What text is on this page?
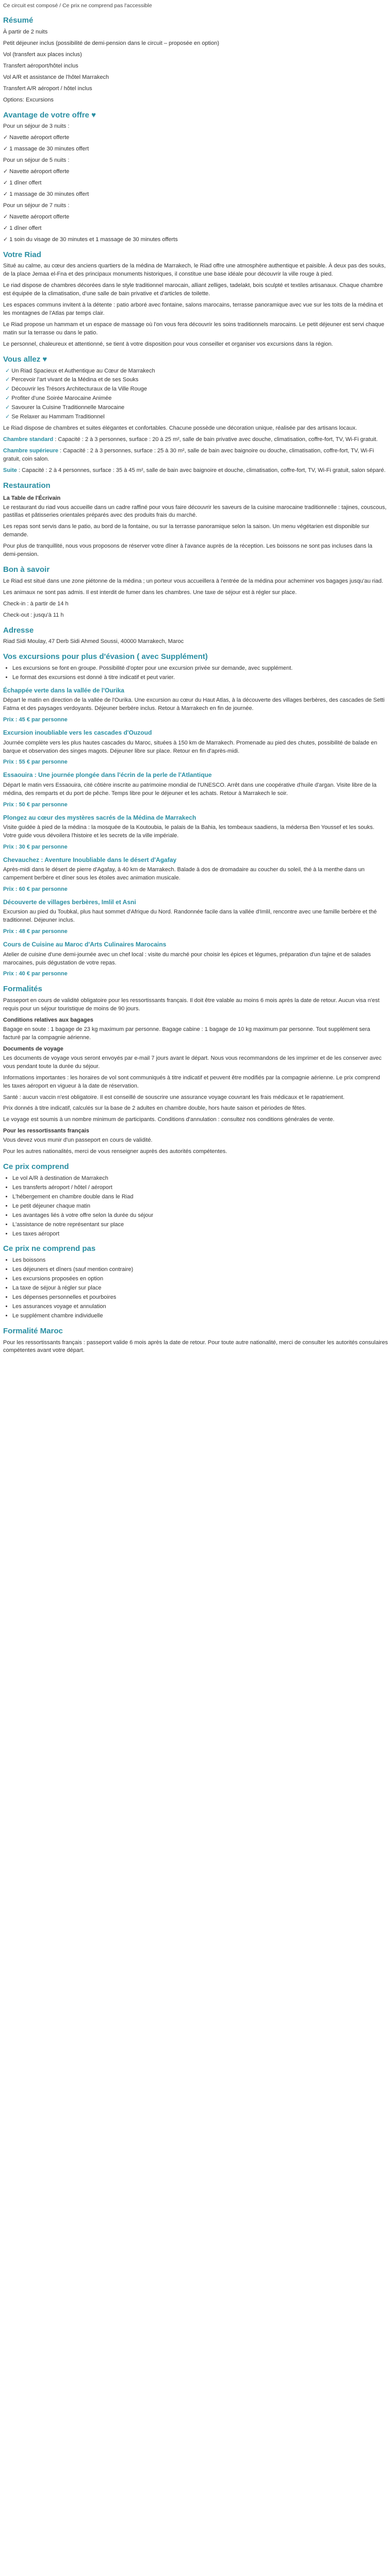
Ce circuit est composé / Ce prix ne comprend pas l'accessible

Résumé

À partir de 2 nuits

Petit déjeuner inclus (possibilité de demi-pension dans le circuit – proposée en option)

Vol (transfert aux places inclus)

Transfert aéroport/hôtel inclus

Vol A/R et assistance de l'hôtel Marrakech

Transfert A/R aéroport / hôtel inclus

Options: Excursions

Avantage de votre offre ♥

Pour un séjour de 3 nuits :

✓ Navette aéroport offerte

✓ 1 massage de 30 minutes offert

Pour un séjour de 5 nuits :

✓ Navette aéroport offerte

✓ 1 dîner offert

✓ 1 massage de 30 minutes offert

Pour un séjour de 7 nuits :

✓ Navette aéroport offerte

✓ 1 dîner offert

✓ 1 soin du visage de 30 minutes et 1 massage de 30 minutes offerts

Votre Riad

Situé au calme, au cœur des anciens quartiers de la médina de Marrakech, le Riad offre une atmosphère authentique et paisible. À deux pas des souks, de la place Jemaa el-Fna et des principaux monuments historiques, il constitue une base idéale pour découvrir la ville rouge à pied.

Le riad dispose de chambres décorées dans le style traditionnel marocain, alliant zelliges, tadelakt, bois sculpté et textiles artisanaux. Chaque chambre est équipée de la climatisation, d'une salle de bain privative et d'articles de toilette.

Les espaces communs invitent à la détente : patio arboré avec fontaine, salons marocains, terrasse panoramique avec vue sur les toits de la médina et les montagnes de l'Atlas par temps clair.

Le Riad propose un hammam et un espace de massage où l'on vous fera découvrir les soins traditionnels marocains. Le petit déjeuner est servi chaque matin sur la terrasse ou dans le patio.

Le personnel, chaleureux et attentionné, se tient à votre disposition pour vous conseiller et organiser vos excursions dans la région.

Vous allez ♥
✓ Un Riad Spacieux et Authentique au Cœur de Marrakech
✓ Percevoir l'art vivant de la Médina et de ses Souks
✓ Découvrir les Trésors Architecturaux de la Ville Rouge
✓ Profiter d'une Soirée Marocaine Animée
✓ Savourer la Cuisine Traditionnelle Marocaine
✓ Se Relaxer au Hammam Traditionnel

Le Riad dispose de chambres et suites élégantes et confortables. Chacune possède une décoration unique, réalisée par des artisans locaux.

Chambre standard : Capacité : 2 à 3 personnes, surface : 20 à 25 m², salle de bain privative avec douche, climatisation, coffre-fort, TV, Wi-Fi gratuit.

Chambre supérieure : Capacité : 2 à 3 personnes, surface : 25 à 30 m², salle de bain avec baignoire ou douche, climatisation, coffre-fort, TV, Wi-Fi gratuit, coin salon.

Suite : Capacité : 2 à 4 personnes, surface : 35 à 45 m², salle de bain avec baignoire et douche, climatisation, coffre-fort, TV, Wi-Fi gratuit, salon séparé.

Restauration
La Table de l'Écrivain

Le restaurant du riad vous accueille dans un cadre raffiné pour vous faire découvrir les saveurs de la cuisine marocaine traditionnelle : tajines, couscous, pastillas et pâtisseries orientales préparés avec des produits frais du marché.

Les repas sont servis dans le patio, au bord de la fontaine, ou sur la terrasse panoramique selon la saison. Un menu végétarien est disponible sur demande.

Pour plus de tranquillité, nous vous proposons de réserver votre dîner à l'avance auprès de la réception. Les boissons ne sont pas incluses dans la demi-pension.

Bon à savoir

Le Riad est situé dans une zone piétonne de la médina ; un porteur vous accueillera à l'entrée de la médina pour acheminer vos bagages jusqu'au riad.

Les animaux ne sont pas admis. Il est interdit de fumer dans les chambres. Une taxe de séjour est à régler sur place.

Check-in : à partir de 14 h

Check-out : jusqu'à 11 h

Adresse

Riad Sidi Moulay, 47 Derb Sidi Ahmed Soussi, 40000 Marrakech, Maroc

Vos excursions pour plus d'évasion ( avec Supplément)
• Les excursions se font en groupe. Possibilité d'opter pour une excursion privée sur demande, avec supplément.
• Le format des excursions est donné à titre indicatif et peut varier.
Échappée verte dans la vallée de l'Ourika

Départ le matin en direction de la vallée de l'Ourika. Une excursion au cœur du Haut Atlas, à la découverte des villages berbères, des cascades de Setti Fatma et des paysages verdoyants. Déjeuner berbère inclus. Retour à Marrakech en fin de journée.

Prix : 45 € par personne

Excursion inoubliable vers les cascades d'Ouzoud

Journée complète vers les plus hautes cascades du Maroc, situées à 150 km de Marrakech. Promenade au pied des chutes, possibilité de balade en barque et observation des singes magots. Déjeuner libre sur place. Retour en fin d'après-midi.

Prix : 55 € par personne

Essaouira : Une journée plongée dans l'écrin de la perle de l'Atlantique

Départ le matin vers Essaouira, cité côtière inscrite au patrimoine mondial de l'UNESCO. Arrêt dans une coopérative d'huile d'argan. Visite libre de la médina, des remparts et du port de pêche. Temps libre pour le déjeuner et les achats. Retour à Marrakech le soir.

Prix : 50 € par personne

Plongez au cœur des mystères sacrés de la Médina de Marrakech

Visite guidée à pied de la médina : la mosquée de la Koutoubia, le palais de la Bahia, les tombeaux saadiens, la médersa Ben Youssef et les souks. Votre guide vous dévoilera l'histoire et les secrets de la ville impériale.

Prix : 30 € par personne

Chevauchez : Aventure Inoubliable dans le désert d'Agafay

Après-midi dans le désert de pierre d'Agafay, à 40 km de Marrakech. Balade à dos de dromadaire au coucher du soleil, thé à la menthe dans un campement berbère et dîner sous les étoiles avec animation musicale.

Prix : 60 € par personne

Découverte de villages berbères, Imlil et Asni

Excursion au pied du Toubkal, plus haut sommet d'Afrique du Nord. Randonnée facile dans la vallée d'Imlil, rencontre avec une famille berbère et thé traditionnel. Déjeuner inclus.

Prix : 48 € par personne

Cours de Cuisine au Maroc d'Arts Culinaires Marocains

Atelier de cuisine d'une demi-journée avec un chef local : visite du marché pour choisir les épices et légumes, préparation d'un tajine et de salades marocaines, puis dégustation de votre repas.

Prix : 40 € par personne

Formalités

Passeport en cours de validité obligatoire pour les ressortissants français. Il doit être valable au moins 6 mois après la date de retour. Aucun visa n'est requis pour un séjour touristique de moins de 90 jours.

Conditions relatives aux bagages

Bagage en soute : 1 bagage de 23 kg maximum par personne. Bagage cabine : 1 bagage de 10 kg maximum par personne. Tout supplément sera facturé par la compagnie aérienne.

Documents de voyage

Les documents de voyage vous seront envoyés par e-mail 7 jours avant le départ. Nous vous recommandons de les imprimer et de les conserver avec vous pendant toute la durée du séjour.

Informations importantes : les horaires de vol sont communiqués à titre indicatif et peuvent être modifiés par la compagnie aérienne. Le prix comprend les taxes aéroport en vigueur à la date de réservation.

Santé : aucun vaccin n'est obligatoire. Il est conseillé de souscrire une assurance voyage couvrant les frais médicaux et le rapatriement.

Prix donnés à titre indicatif, calculés sur la base de 2 adultes en chambre double, hors haute saison et périodes de fêtes.

Le voyage est soumis à un nombre minimum de participants. Conditions d'annulation : consultez nos conditions générales de vente.

Pour les ressortissants français

Vous devez vous munir d'un passeport en cours de validité.

Pour les autres nationalités, merci de vous renseigner auprès des autorités compétentes.

Ce prix comprend
• Le vol A/R à destination de Marrakech
• Les transferts aéroport / hôtel / aéroport
• L'hébergement en chambre double dans le Riad
• Le petit déjeuner chaque matin
• Les avantages liés à votre offre selon la durée du séjour
• L'assistance de notre représentant sur place
• Les taxes aéroport
Ce prix ne comprend pas
• Les boissons
• Les déjeuners et dîners (sauf mention contraire)
• Les excursions proposées en option
• La taxe de séjour à régler sur place
• Les dépenses personnelles et pourboires
• Les assurances voyage et annulation
• Le supplément chambre individuelle
Formalité Maroc

Pour les ressortissants français : passeport valide 6 mois après la date de retour. Pour toute autre nationalité, merci de consulter les autorités consulaires compétentes avant votre départ.
